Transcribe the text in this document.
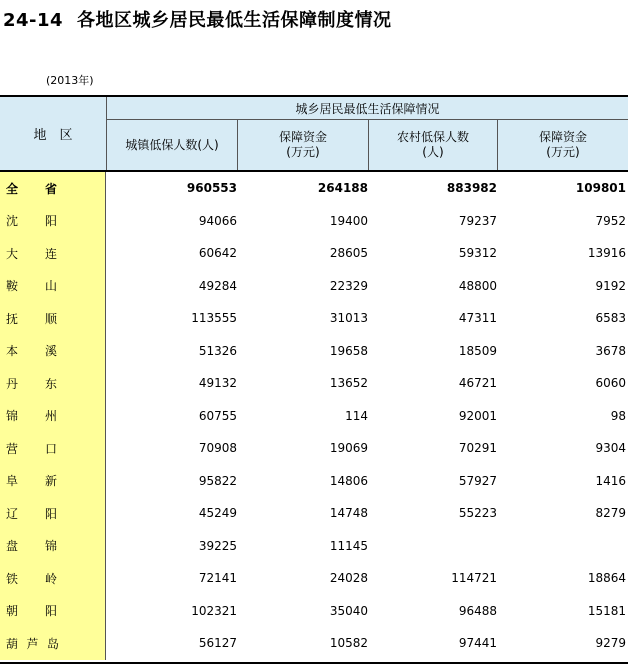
24-14 各地区城乡居民最低生活保障制度情况
(2013年)
地　区
城乡居民最低生活保障情况
城镇低保人数(人)
保障资金
(万元)
农村低保人数
(人)
保障资金
(万元)
全 省	960553	264188	883982	109801
沈 阳	94066	19400	79237	7952
大 连	60642	28605	59312	13916
鞍 山	49284	22329	48800	9192
抚 顺	113555	31013	47311	6583
本 溪	51326	19658	18509	3678
丹 东	49132	13652	46721	6060
锦 州	60755	114	92001	98
营 口	70908	19069	70291	9304
阜 新	95822	14806	57927	1416
辽 阳	45249	14748	55223	8279
盘 锦	39225	11145
铁 岭	72141	24028	114721	18864
朝 阳	102321	35040	96488	15181
葫 芦 岛	56127	10582	97441	9279
